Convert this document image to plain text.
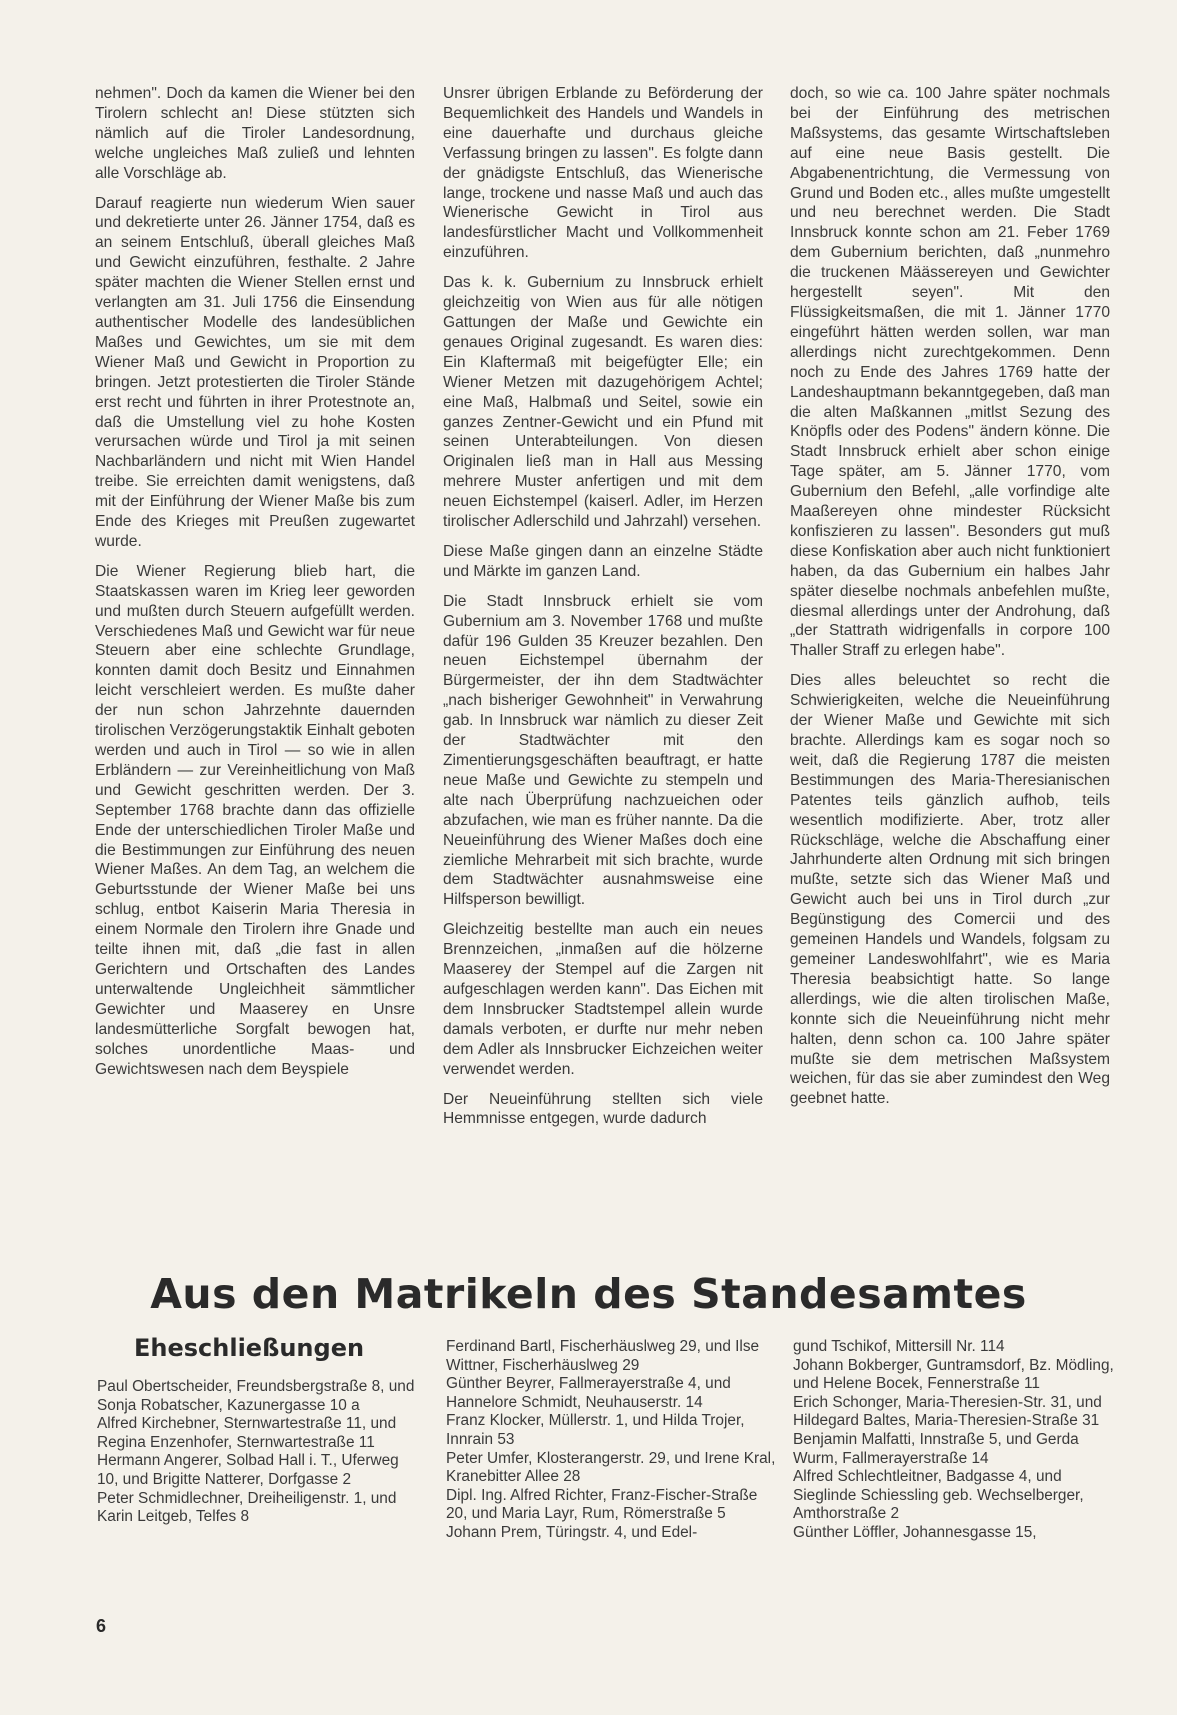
nehmen". Doch da kamen die Wiener bei den Tirolern schlecht an! Diese stützten sich nämlich auf die Tiroler Landesordnung, welche ungleiches Maß zuließ und lehnten alle Vorschläge ab.

Darauf reagierte nun wiederum Wien sauer und dekretierte unter 26. Jänner 1754, daß es an seinem Entschluß, überall gleiches Maß und Gewicht einzuführen, festhalte. 2 Jahre später machten die Wiener Stellen ernst und verlangten am 31. Juli 1756 die Einsendung authentischer Modelle des landesüblichen Maßes und Gewichtes, um sie mit dem Wiener Maß und Gewicht in Proportion zu bringen. Jetzt protestierten die Tiroler Stände erst recht und führten in ihrer Protestnote an, daß die Umstellung viel zu hohe Kosten verursachen würde und Tirol ja mit seinen Nachbarländern und nicht mit Wien Handel treibe. Sie erreichten damit wenigstens, daß mit der Einführung der Wiener Maße bis zum Ende des Krieges mit Preußen zugewartet wurde.

Die Wiener Regierung blieb hart, die Staatskassen waren im Krieg leer geworden und mußten durch Steuern aufgefüllt werden. Verschiedenes Maß und Gewicht war für neue Steuern aber eine schlechte Grundlage, konnten damit doch Besitz und Einnahmen leicht verschleiert werden. Es mußte daher der nun schon Jahrzehnte dauernden tirolischen Verzögerungstaktik Einhalt geboten werden und auch in Tirol — so wie in allen Erbländern — zur Vereinheitlichung von Maß und Gewicht geschritten werden. Der 3. September 1768 brachte dann das offizielle Ende der unterschiedlichen Tiroler Maße und die Bestimmungen zur Einführung des neuen Wiener Maßes. An dem Tag, an welchem die Geburtsstunde der Wiener Maße bei uns schlug, entbot Kaiserin Maria Theresia in einem Normale den Tirolern ihre Gnade und teilte ihnen mit, daß „die fast in allen Gerichtern und Ortschaften des Landes unterwaltende Ungleichheit sämmtlicher Gewichter und Maaserey en Unsre landesmütterliche Sorgfalt bewogen hat, solches unordentliche Maas- und Gewichtswesen nach dem Beyspiele

Unsrer übrigen Erblande zu Beförderung der Bequemlichkeit des Handels und Wandels in eine dauerhafte und durchaus gleiche Verfassung bringen zu lassen". Es folgte dann der gnädigste Entschluß, das Wienerische lange, trockene und nasse Maß und auch das Wienerische Gewicht in Tirol aus landesfürstlicher Macht und Vollkommenheit einzuführen.

Das k. k. Gubernium zu Innsbruck erhielt gleichzeitig von Wien aus für alle nötigen Gattungen der Maße und Gewichte ein genaues Original zugesandt. Es waren dies: Ein Klaftermaß mit beigefügter Elle; ein Wiener Metzen mit dazugehörigem Achtel; eine Maß, Halbmaß und Seitel, sowie ein ganzes Zentner-Gewicht und ein Pfund mit seinen Unterabteilungen. Von diesen Originalen ließ man in Hall aus Messing mehrere Muster anfertigen und mit dem neuen Eichstempel (kaiserl. Adler, im Herzen tirolischer Adlerschild und Jahrzahl) versehen.

Diese Maße gingen dann an einzelne Städte und Märkte im ganzen Land.

Die Stadt Innsbruck erhielt sie vom Gubernium am 3. November 1768 und mußte dafür 196 Gulden 35 Kreuzer bezahlen. Den neuen Eichstempel übernahm der Bürgermeister, der ihn dem Stadtwächter „nach bisheriger Gewohnheit" in Verwahrung gab. In Innsbruck war nämlich zu dieser Zeit der Stadtwächter mit den Zimentierungsgeschäften beauftragt, er hatte neue Maße und Gewichte zu stempeln und alte nach Überprüfung nachzueichen oder abzufachen, wie man es früher nannte. Da die Neueinführung des Wiener Maßes doch eine ziemliche Mehrarbeit mit sich brachte, wurde dem Stadtwächter ausnahmsweise eine Hilfsperson bewilligt.

Gleichzeitig bestellte man auch ein neues Brennzeichen, „inmaßen auf die hölzerne Maaserey der Stempel auf die Zargen nit aufgeschlagen werden kann". Das Eichen mit dem Innsbrucker Stadtstempel allein wurde damals verboten, er durfte nur mehr neben dem Adler als Innsbrucker Eichzeichen weiter verwendet werden.

Der Neueinführung stellten sich viele Hemmnisse entgegen, wurde dadurch

doch, so wie ca. 100 Jahre später nochmals bei der Einführung des metrischen Maßsystems, das gesamte Wirtschaftsleben auf eine neue Basis gestellt. Die Abgabenentrichtung, die Vermessung von Grund und Boden etc., alles mußte umgestellt und neu berechnet werden. Die Stadt Innsbruck konnte schon am 21. Feber 1769 dem Gubernium berichten, daß „nunmehro die truckenen Määssereyen und Gewichter hergestellt seyen". Mit den Flüssigkeitsmaßen, die mit 1. Jänner 1770 eingeführt hätten werden sollen, war man allerdings nicht zurechtgekommen. Denn noch zu Ende des Jahres 1769 hatte der Landeshauptmann bekanntgegeben, daß man die alten Maßkannen „mitlst Sezung des Knöpfls oder des Podens" ändern könne. Die Stadt Innsbruck erhielt aber schon einige Tage später, am 5. Jänner 1770, vom Gubernium den Befehl, „alle vorfindige alte Maaßereyen ohne mindester Rücksicht konfiszieren zu lassen". Besonders gut muß diese Konfiskation aber auch nicht funktioniert haben, da das Gubernium ein halbes Jahr später dieselbe nochmals anbefehlen mußte, diesmal allerdings unter der Androhung, daß „der Stattrath widrigenfalls in corpore 100 Thaller Straff zu erlegen habe".

Dies alles beleuchtet so recht die Schwierigkeiten, welche die Neueinführung der Wiener Maße und Gewichte mit sich brachte. Allerdings kam es sogar noch so weit, daß die Regierung 1787 die meisten Bestimmungen des Maria-Theresianischen Patentes teils gänzlich aufhob, teils wesentlich modifizierte. Aber, trotz aller Rückschläge, welche die Abschaffung einer Jahrhunderte alten Ordnung mit sich bringen mußte, setzte sich das Wiener Maß und Gewicht auch bei uns in Tirol durch „zur Begünstigung des Comercii und des gemeinen Handels und Wandels, folgsam zu gemeiner Landeswohlfahrt", wie es Maria Theresia beabsichtigt hatte. So lange allerdings, wie die alten tirolischen Maße, konnte sich die Neueinführung nicht mehr halten, denn schon ca. 100 Jahre später mußte sie dem metrischen Maßsystem weichen, für das sie aber zumindest den Weg geebnet hatte.

Aus den Matrikeln des Standesamtes
Eheschließungen

Paul Obertscheider, Freundsbergstraße 8, und Sonja Robatscher, Kazunergasse 10 a

Alfred Kirchebner, Sternwartestraße 11, und Regina Enzenhofer, Sternwartestraße 11

Hermann Angerer, Solbad Hall i. T., Uferweg 10, und Brigitte Natterer, Dorfgasse 2

Peter Schmidlechner, Dreiheiligenstr. 1, und Karin Leitgeb, Telfes 8

Ferdinand Bartl, Fischerhäuslweg 29, und Ilse Wittner, Fischerhäuslweg 29

Günther Beyrer, Fallmerayerstraße 4, und Hannelore Schmidt, Neuhauserstr. 14

Franz Klocker, Müllerstr. 1, und Hilda Trojer, Innrain 53

Peter Umfer, Klosterangerstr. 29, und Irene Kral, Kranebitter Allee 28

Dipl. Ing. Alfred Richter, Franz-Fischer-Straße 20, und Maria Layr, Rum, Römerstraße 5

Johann Prem, Türingstr. 4, und Edel-

gund Tschikof, Mittersill Nr. 114

Johann Bokberger, Guntramsdorf, Bz. Mödling, und Helene Bocek, Fennerstraße 11

Erich Schonger, Maria-Theresien-Str. 31, und Hildegard Baltes, Maria-Theresien-Straße 31

Benjamin Malfatti, Innstraße 5, und Gerda Wurm, Fallmerayerstraße 14

Alfred Schlechtleitner, Badgasse 4, und Sieglinde Schiessling geb. Wechselberger, Amthorstraße 2

Günther Löffler, Johannesgasse 15,

6
